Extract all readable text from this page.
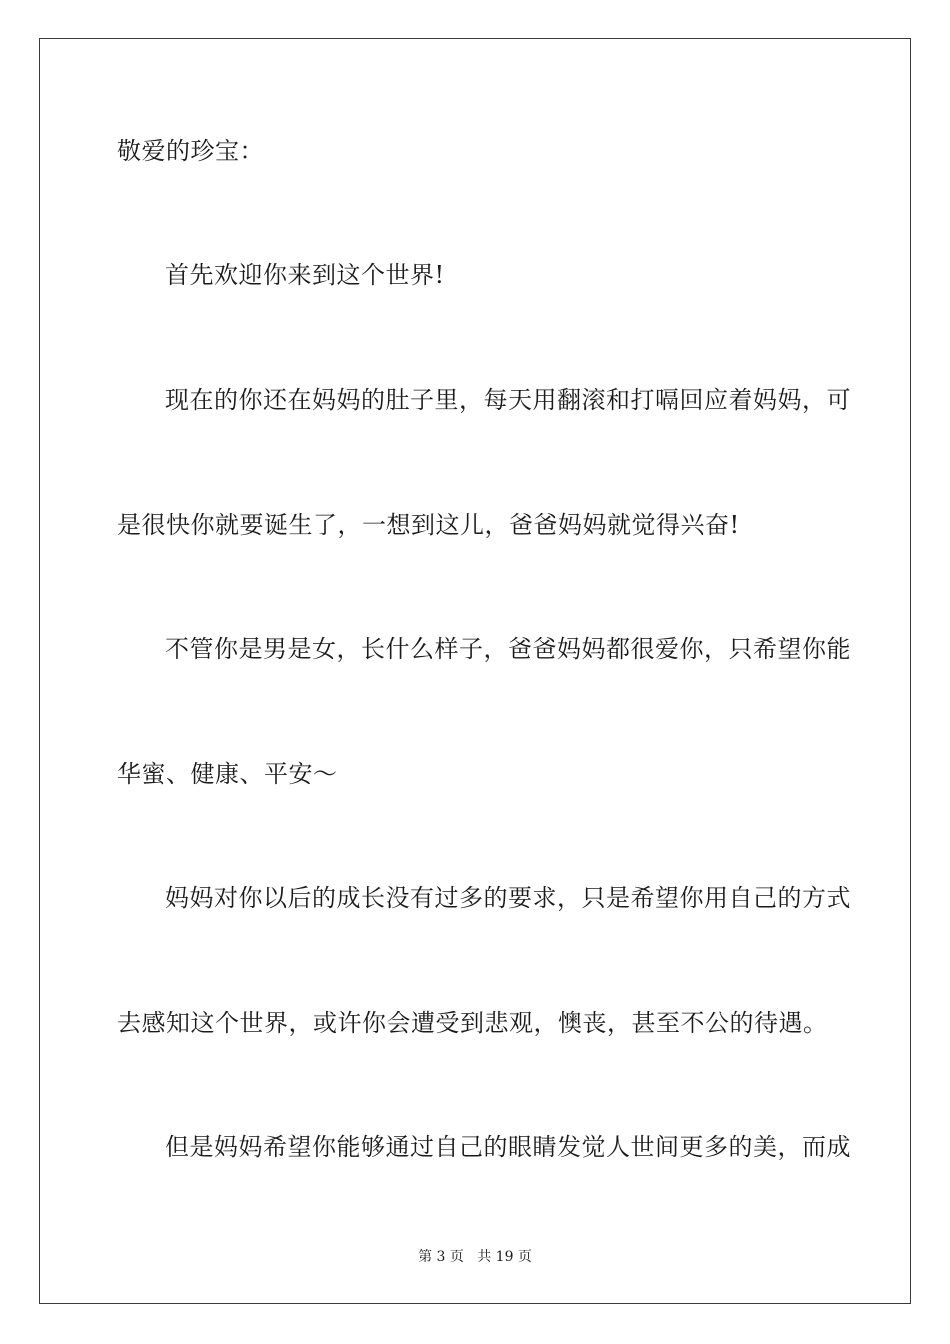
敬爱的珍宝：
首先欢迎你来到这个世界!
现在的你还在妈妈的肚子里，每天用翻滚和打嗝回应着妈妈，可
是很快你就要诞生了，一想到这儿，爸爸妈妈就觉得兴奋!
不管你是男是女，长什么样子，爸爸妈妈都很爱你，只希望你能
华蜜、健康、平安～
妈妈对你以后的成长没有过多的要求，只是希望你用自己的方式
去感知这个世界，或许你会遭受到悲观，懊丧，甚至不公的待遇。
但是妈妈希望你能够通过自己的眼睛发觉人世间更多的美，而成
第 3 页   共 19 页
